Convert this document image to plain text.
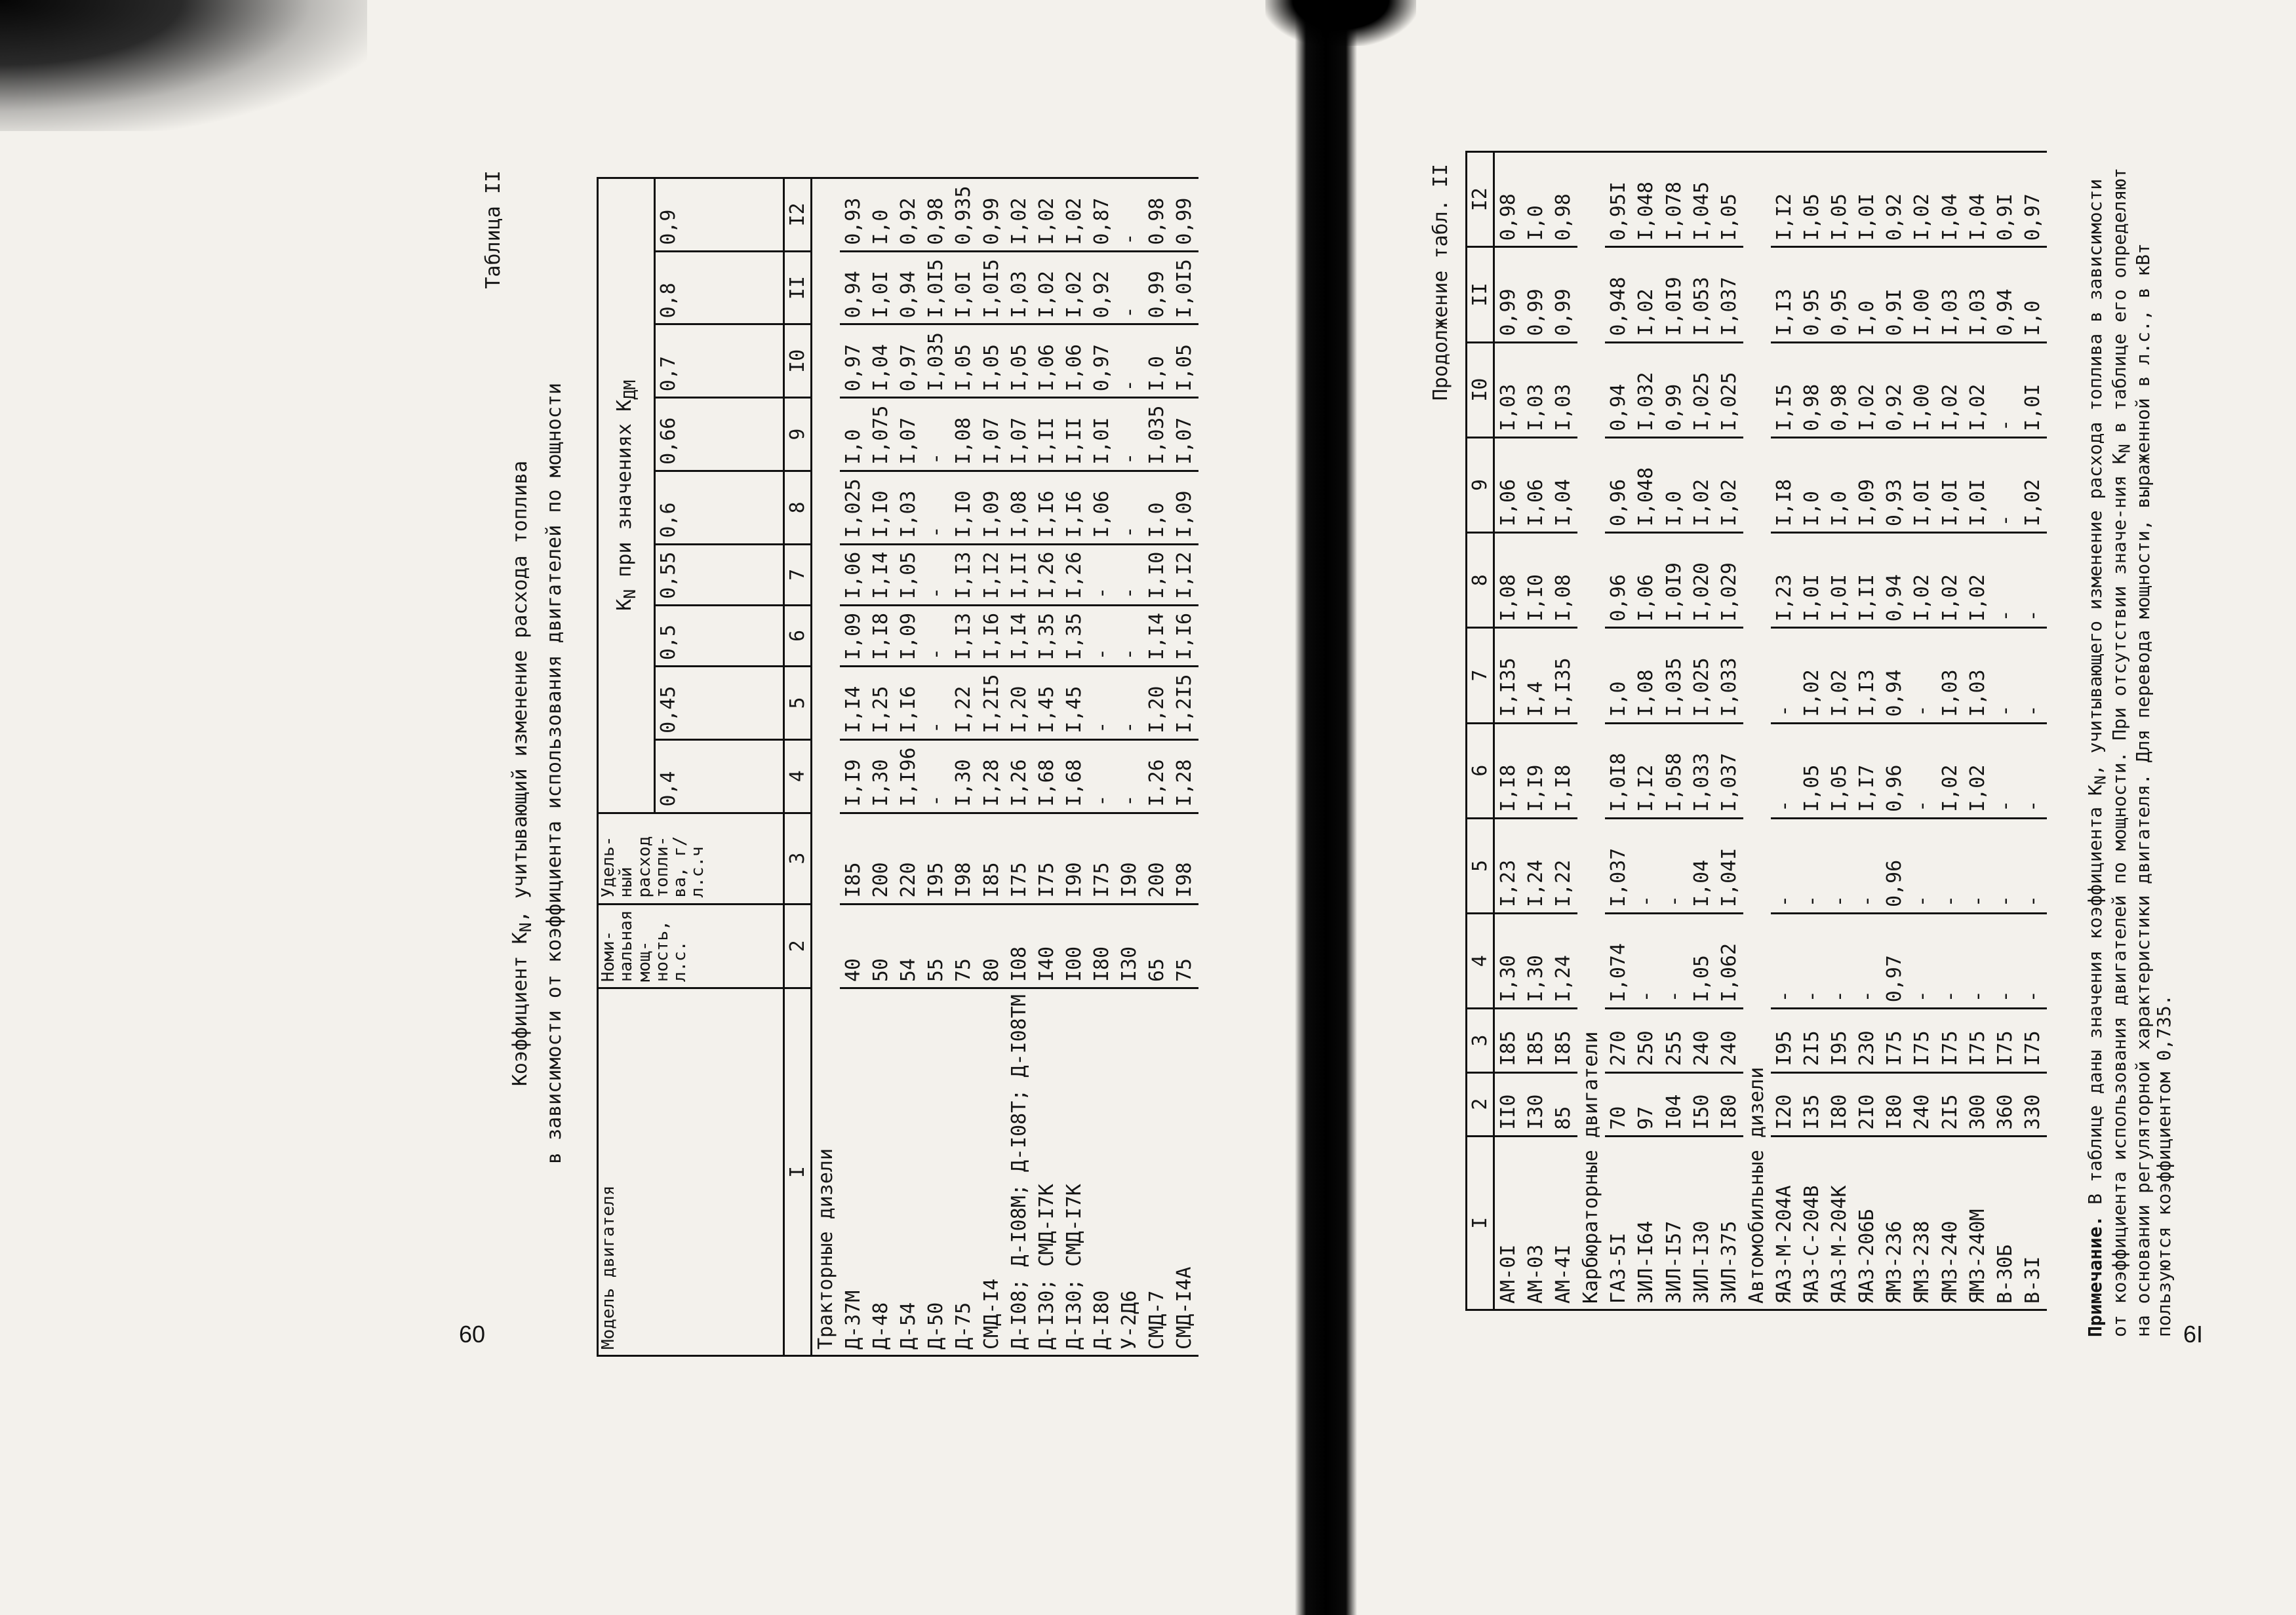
60	6I
Таблица II
Коэффициент $K_N$, учитывающий изменение расхода топлива в зависимости от коэффициента использования двигателей по мощности
Модель двигателя	Номи-нальная мощ-ность, л.с.	Удель-ный расход топли-ва, г/л.с.ч	$K_N$ при значениях $K_{ДМ}$
			0,4	0,45	0,5	0,55	0,6	0,66	0,7	0,8	0,9
I	2	3	4	5	6	7	8	9	I0	II	I2
Тракторные дизели											
Д-37М	40	I85	I,I9	I,I4	I,09	I,06	I,025	I,0	0,97	0,94	0,93
Д-48	50	200	I,30	I,25	I,I8	I,I4	I,I0	I,075	I,04	I,0I	I,0
Д-54	54	220	I,I96	I,I6	I,09	I,05	I,03	I,07	0,97	0,94	0,92
Д-50	55	I95	-	-	-	-	-	-	I,035	I,0I5	0,98
Д-75	75	I98	I,30	I,22	I,I3	I,I3	I,I0	I,08	I,05	I,0I	0,935
СМД-I4	80	I85	I,28	I,2I5	I,I6	I,I2	I,09	I,07	I,05	I,0I5	0,99
Д-I08; Д-I08М; Д-I08Т; Д-I08ТМ	I08	I75	I,26	I,20	I,I4	I,II	I,08	I,07	I,05	I,03	I,02
Д-I30; СМД-I7К	I40	I75	I,68	I,45	I,35	I,26	I,I6	I,II	I,06	I,02	I,02
Д-I30; СМД-I7К	I00	I90	I,68	I,45	I,35	I,26	I,I6	I,II	I,06	I,02	I,02
Д-I80	I80	I75	-	-	-	-	I,06	I,0I	0,97	0,92	0,87
У-2Д6	I30	I90	-	-	-	-	-	-	-	-	-
СМД-7	65	200	I,26	I,20	I,I4	I,I0	I,0	I,035	I,0	0,99	0,98
СМД-I4А	75	I98	I,28	I,2I5	I,I6	I,I2	I,09	I,07	I,05	I,0I5	0,99	Продолжение табл. II
I	2	3	4	5	6	7	8	9	I0	II	I2
АМ-0I	II0	I85	I,30	I,23	I,I8	I,I35	I,08	I,06	I,03	0,99	0,98
АМ-03	I30	I85	I,30	I,24	I,I9	I,4	I,I0	I,06	I,03	0,99	I,0
АМ-4I	85	I85	I,24	I,22	I,I8	I,I35	I,08	I,04	I,03	0,99	0,98
Карбюраторные двигатели											
ГАЗ-5I	70	270	I,074	I,037	I,0I8	I,0	0,96	0,96	0,94	0,948	0,95I
ЗИЛ-I64	97	250	-	-	I,I2	I,08	I,06	I,048	I,032	I,02	I,048
ЗИЛ-I57	I04	255	-	-	I,058	I,035	I,0I9	I,0	0,99	I,0I9	I,078
ЗИЛ-I30	I50	240	I,05	I,04	I,033	I,025	I,020	I,02	I,025	I,053	I,045
ЗИЛ-375	I80	240	I,062	I,04I	I,037	I,033	I,029	I,02	I,025	I,037	I,05
Автомобильные дизели											
ЯАЗ-М-204А	I20	I95	-	-	-	-	I,23	I,I8	I,I5	I,I3	I,I2
ЯАЗ-С-204В	I35	2I5	-	-	I,05	I,02	I,0I	I,0	0,98	0,95	I,05
ЯАЗ-М-204К	I80	I95	-	-	I,05	I,02	I,0I	I,0	0,98	0,95	I,05
ЯАЗ-206Б	2I0	230	-	-	I,I7	I,I3	I,II	I,09	I,02	I,0	I,0I
ЯМЗ-236	I80	I75	0,97	0,96	0,96	0,94	0,94	0,93	0,92	0,9I	0,92
ЯМЗ-238	240	I75	-	-	-	-	I,02	I,0I	I,00	I,00	I,02
ЯМЗ-240	2I5	I75	-	-	I,02	I,03	I,02	I,0I	I,02	I,03	I,04
ЯМЗ-240М	300	I75	-	-	I,02	I,03	I,02	I,0I	I,02	I,03	I,04
В-30Б	360	I75	-	-	-	-	-	-	-	0,94	0,9I
В-3I	330	I75	-	-	-	-	-	I,02	I,0I	I,0	0,97
Примечание. В таблице даны значения коэффициента $K_N$, учитывающего изменение расхода топлива в зависимости от коэффициента использования двигателей по мощности. При отсутствии значе-ния $K_N$ в таблице его определяют на основании регуляторной характеристики двигателя. Для перевода мощности, выраженной в л.с., в кВт пользуются коэффициентом 0,735.
